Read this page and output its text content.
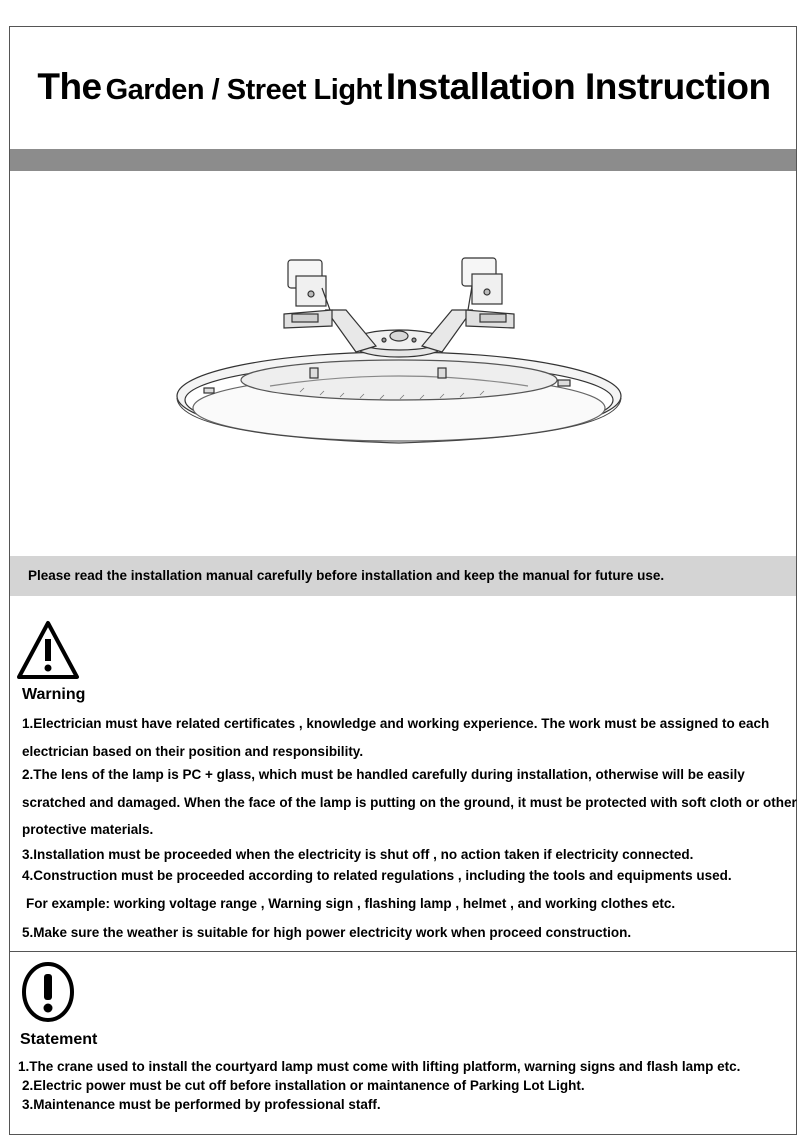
The Garden / Street Light Installation Instruction
Please read the installation manual carefully before installation and keep the manual for future use.
Warning
1.Electrician must have related certificates , knowledge and working experience. The work must be assigned to each
electrician based on their position and responsibility.
2.The lens of the lamp is PC + glass, which must be handled carefully during installation, otherwise will be easily
scratched and damaged. When the face of the lamp is putting on the ground, it must be protected with soft cloth or other
protective materials.
3.Installation must be proceeded when the electricity is shut off , no action taken if electricity connected.
4.Construction must be proceeded according to related regulations , including the tools and equipments used.
For example: working voltage range , Warning sign , flashing lamp , helmet , and working clothes etc.
5.Make sure the weather is suitable for high power electricity work when proceed construction.
Statement
1.The crane used to install the courtyard lamp must come with lifting platform, warning signs and flash lamp etc.
2.Electric power must be cut off before installation or maintanence of Parking Lot Light.
3.Maintenance must be performed by professional staff.
